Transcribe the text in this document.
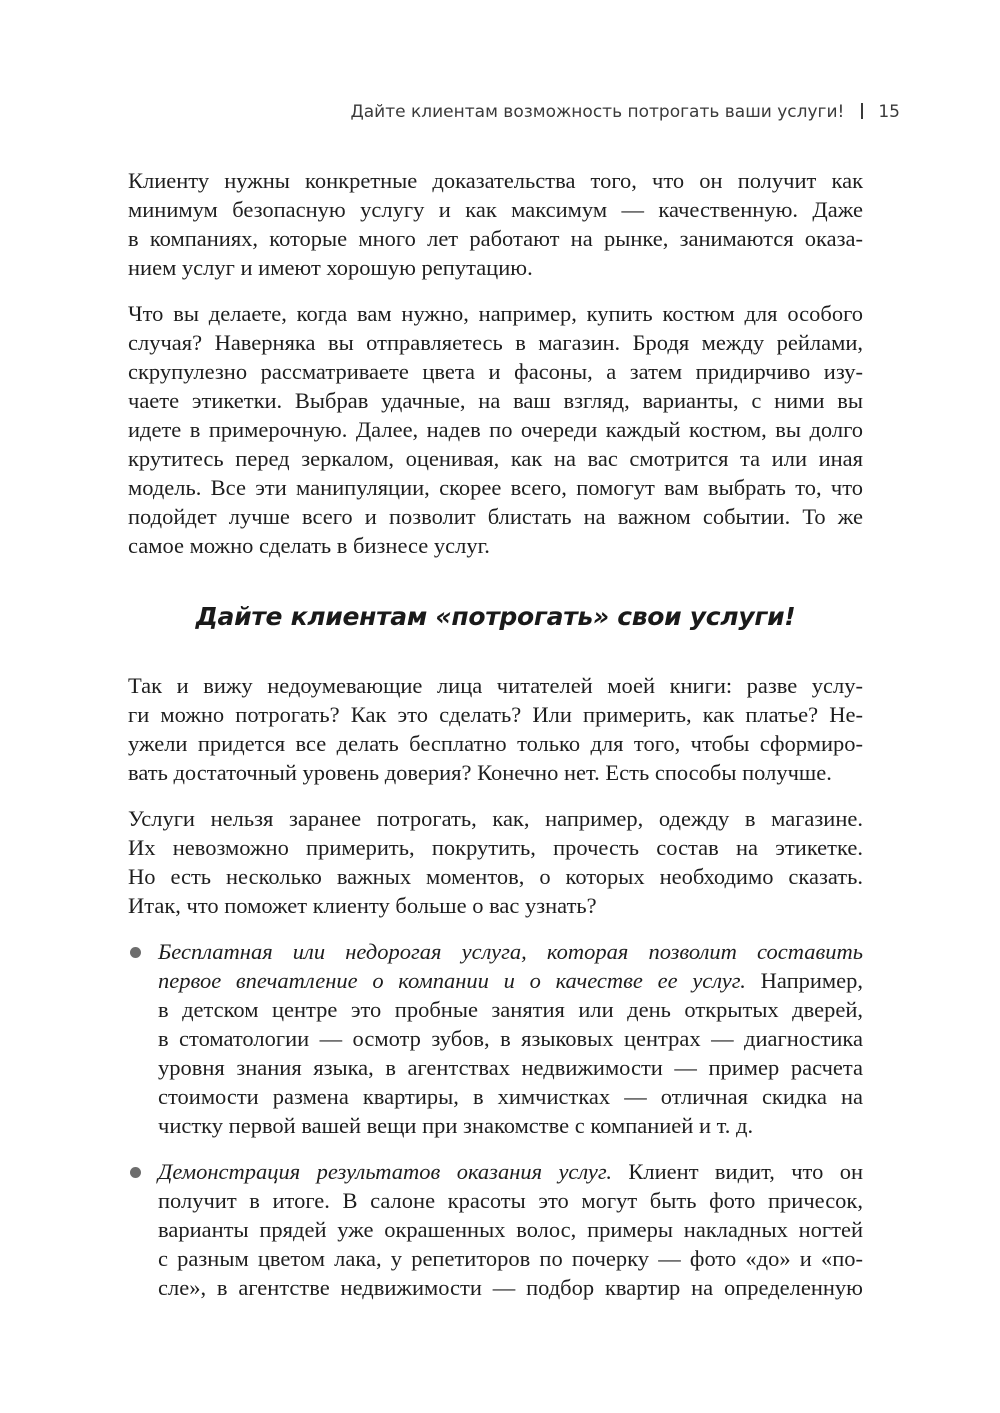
Дайте клиентам возможность потрогать ваши услуги! 15
Клиенту нужны конкретные доказательства того, что он получит как
минимум безопасную услугу и как максимум — качественную. Даже
в компаниях, которые много лет работают на рынке, занимаются оказа-
нием услуг и имеют хорошую репутацию.
Что вы делаете, когда вам нужно, например, купить костюм для особого
случая? Наверняка вы отправляетесь в магазин. Бродя между рейлами,
скрупулезно рассматриваете цвета и фасоны, а затем придирчиво изу-
чаете этикетки. Выбрав удачные, на ваш взгляд, варианты, с ними вы
идете в примерочную. Далее, надев по очереди каждый костюм, вы долго
крутитесь перед зеркалом, оценивая, как на вас смотрится та или иная
модель. Все эти манипуляции, скорее всего, помогут вам выбрать то, что
подойдет лучше всего и позволит блистать на важном событии. То же
самое можно сделать в бизнесе услуг.
Дайте клиентам «потрогать» свои услуги!
Так и вижу недоумевающие лица читателей моей книги: разве услу-
ги можно потрогать? Как это сделать? Или примерить, как платье? Не-
ужели придется все делать бесплатно только для того, чтобы сформиро-
вать достаточный уровень доверия? Конечно нет. Есть способы получше.
Услуги нельзя заранее потрогать, как, например, одежду в магазине.
Их невозможно примерить, покрутить, прочесть состав на этикетке.
Но есть несколько важных моментов, о которых необходимо сказать.
Итак, что поможет клиенту больше о вас узнать?
Бесплатная или недорогая услуга, которая позволит составить
первое впечатление о компании и о качестве ее услуг. Например,
в детском центре это пробные занятия или день открытых дверей,
в стоматологии — осмотр зубов, в языковых центрах — диагностика
уровня знания языка, в агентствах недвижимости — пример расчета
стоимости размена квартиры, в химчистках — отличная скидка на
чистку первой вашей вещи при знакомстве с компанией и т. д.
Демонстрация результатов оказания услуг. Клиент видит, что он
получит в итоге. В салоне красоты это могут быть фото причесок,
варианты прядей уже окрашенных волос, примеры накладных ногтей
с разным цветом лака, у репетиторов по почерку — фото «до» и «по-
сле», в агентстве недвижимости — подбор квартир на определенную
